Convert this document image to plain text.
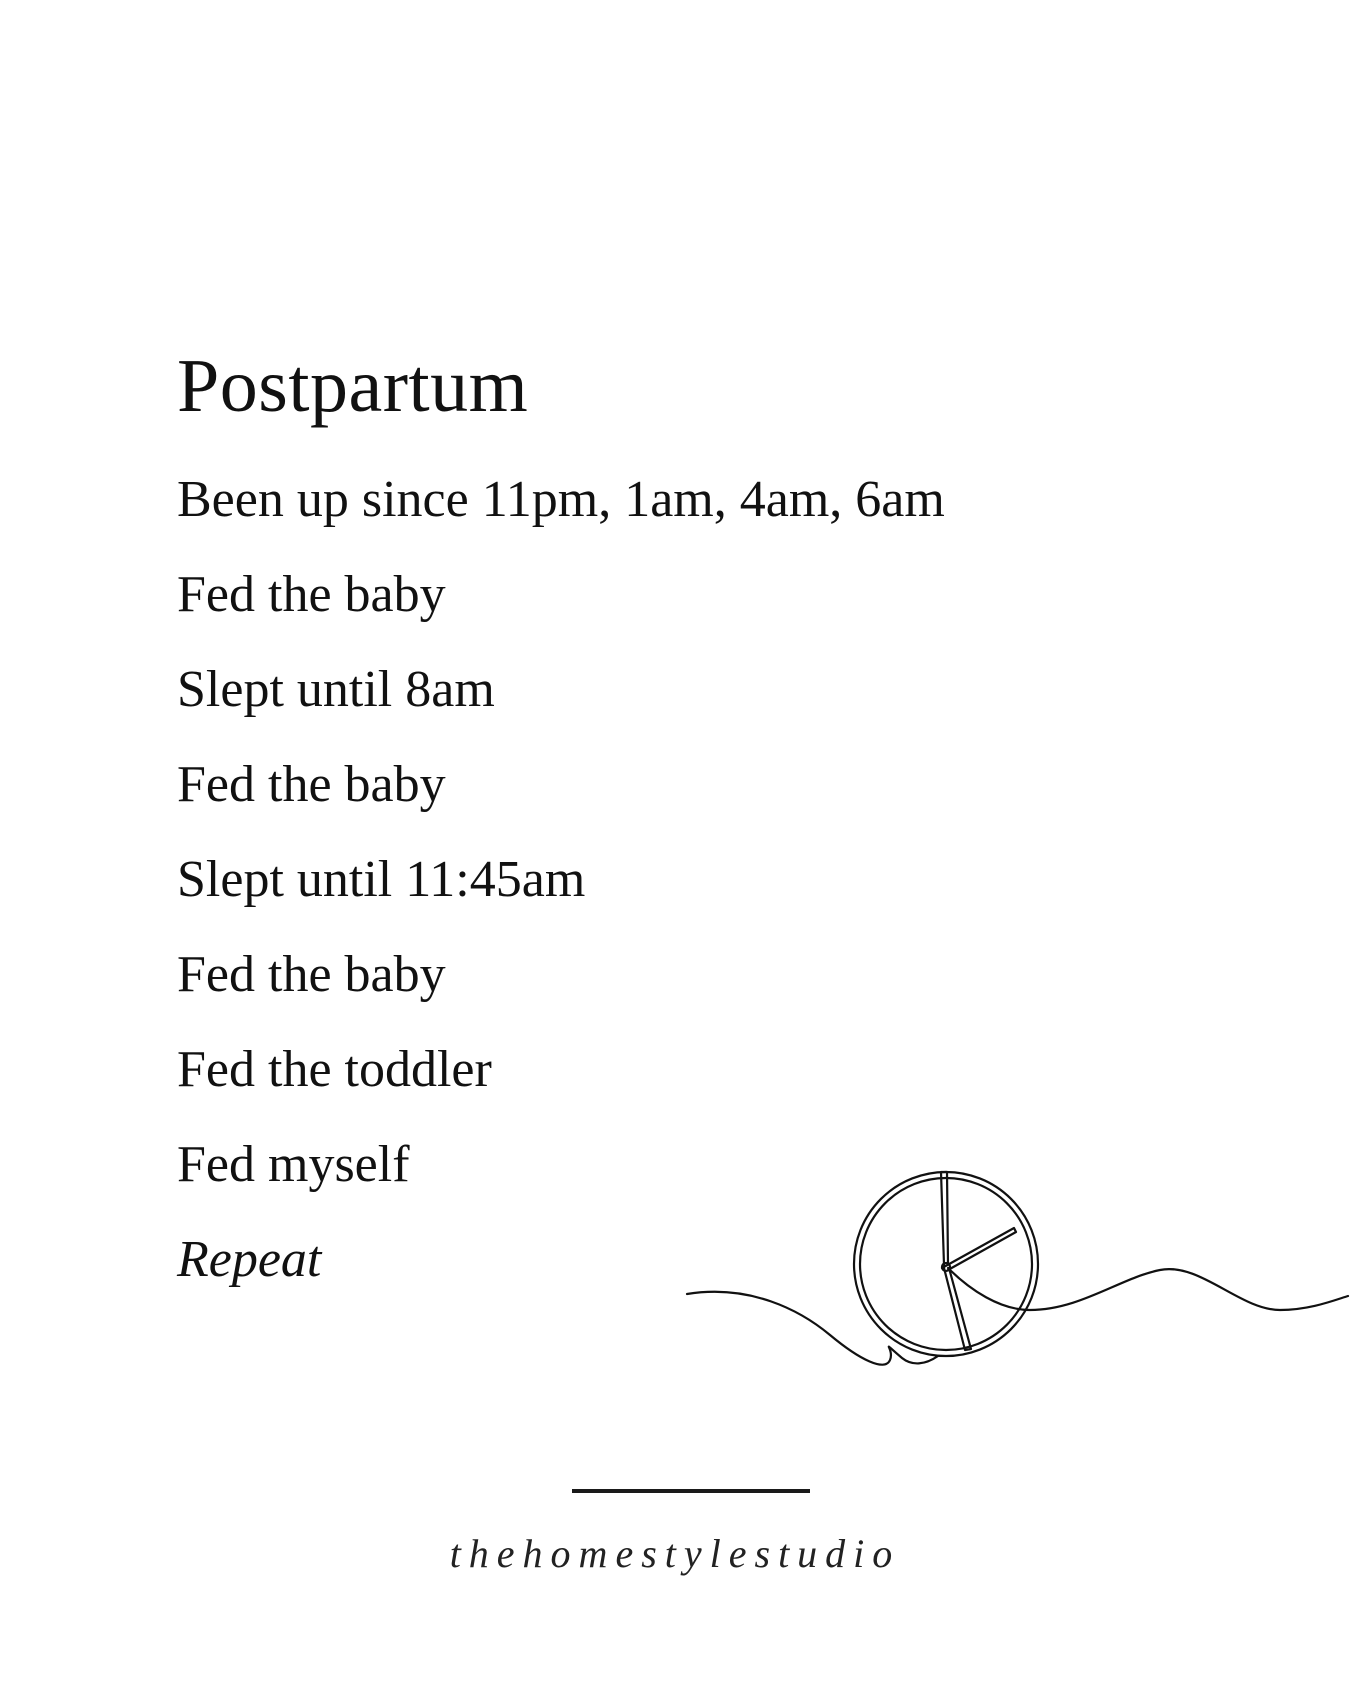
Postpartum
Been up since 11pm, 1am, 4am, 6am
Fed the baby
Slept until 8am
Fed the baby
Slept until 11:45am
Fed the baby
Fed the toddler
Fed myself
Repeat
thehomestylestudio
